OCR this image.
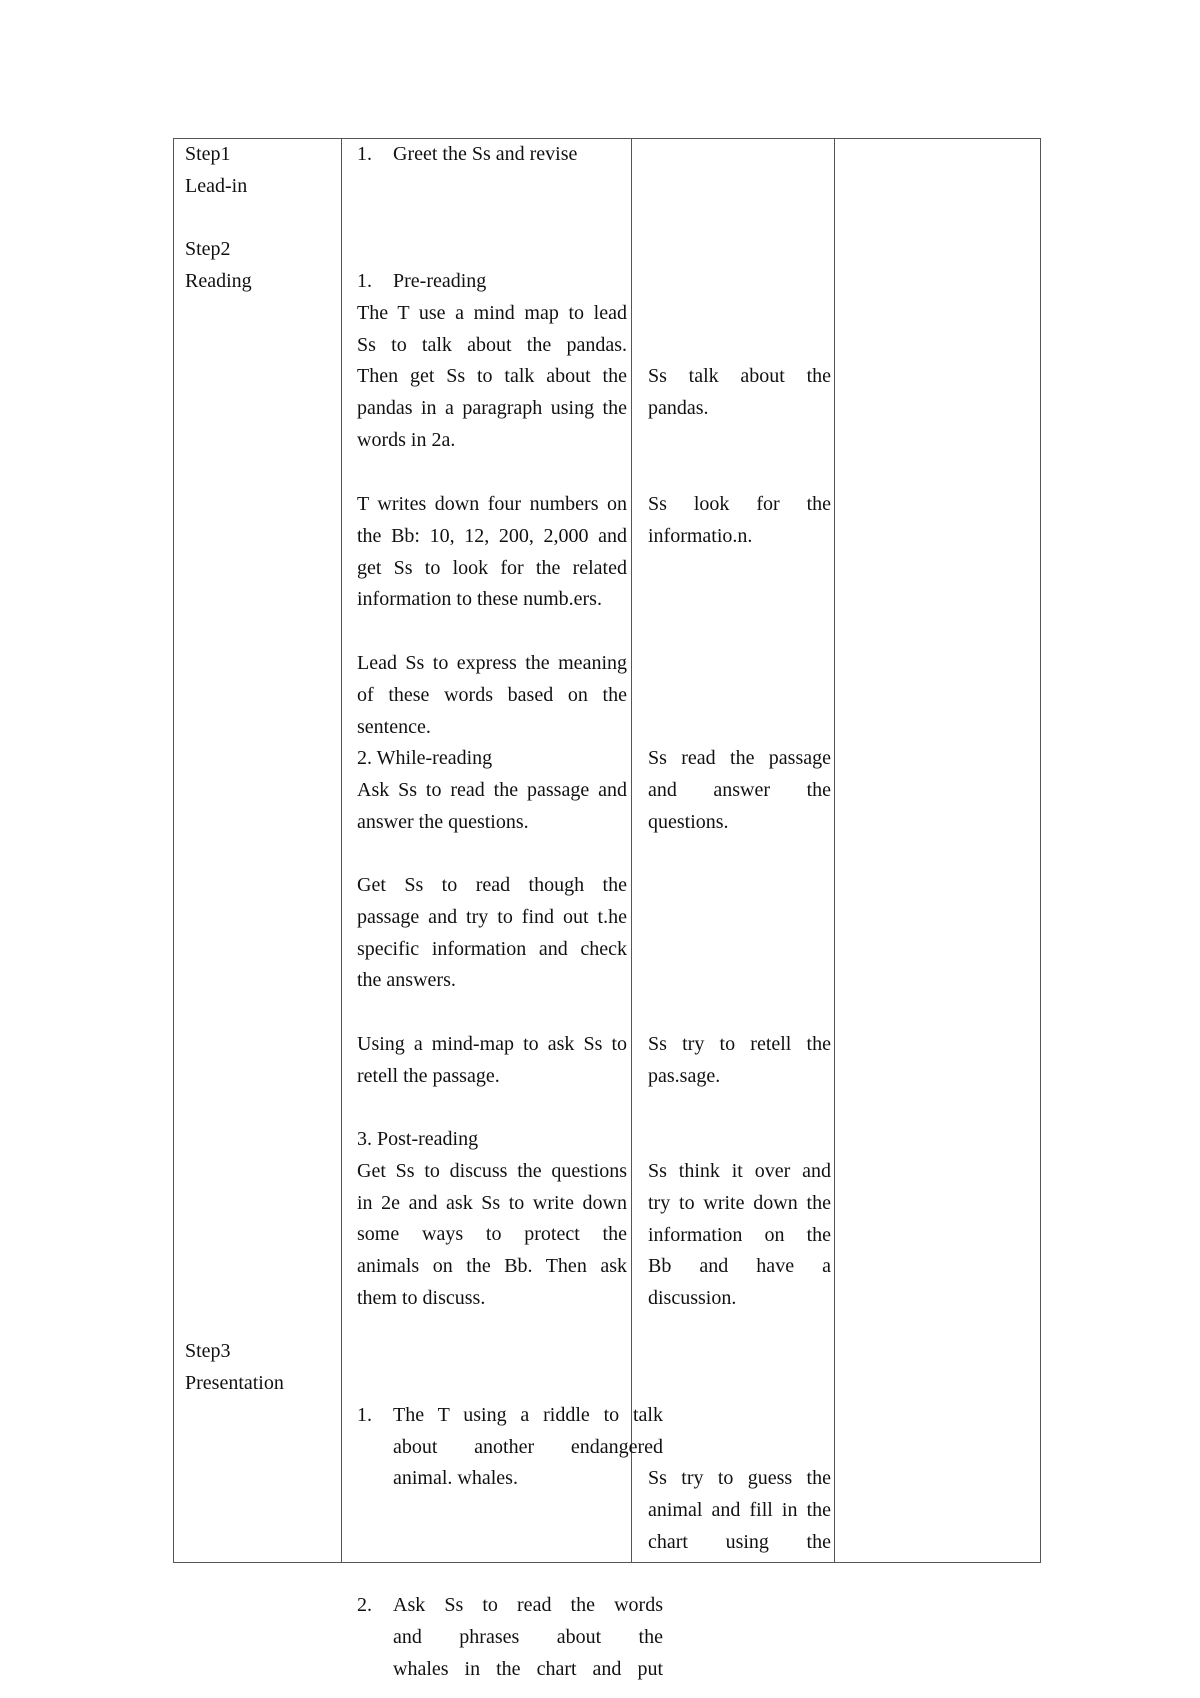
Step1
Lead-in
Step2
Reading
Step3
Presentation
1. Greet the Ss and revise
1. Pre-reading
The T use a mind map to lead
Ss to talk about the pandas.
Then get Ss to talk about the
pandas in a paragraph using the
words in 2a.
T writes down four numbers on
the Bb: 10, 12, 200, 2,000 and
get Ss to look for the related
information to these numb.ers.
Lead Ss to express the meaning
of these words based on the
sentence.
2. While-reading
Ask Ss to read the passage and
answer the questions.
Get Ss to read though the
passage and try to find out t.he
specific information and check
the answers.
Using a mind-map to ask Ss to
retell the passage.
3. Post-reading
Get Ss to discuss the questions
in 2e and ask Ss to write down
some ways to protect the
animals on the Bb. Then ask
them to discuss.
1. The T using a riddle to talk
about another endangered
animal. whales.
2. Ask Ss to read the words
and phrases about the
whales in the chart and put
Ss talk about the
pandas.
Ss look for the
informatio.n.
Ss read the passage
and answer the
questions.
Ss try to retell the
pas.sage.
Ss think it over and
try to write down the
information on the
Bb and have a
discussion.
Ss try to guess the
animal and fill in the
chart using the
